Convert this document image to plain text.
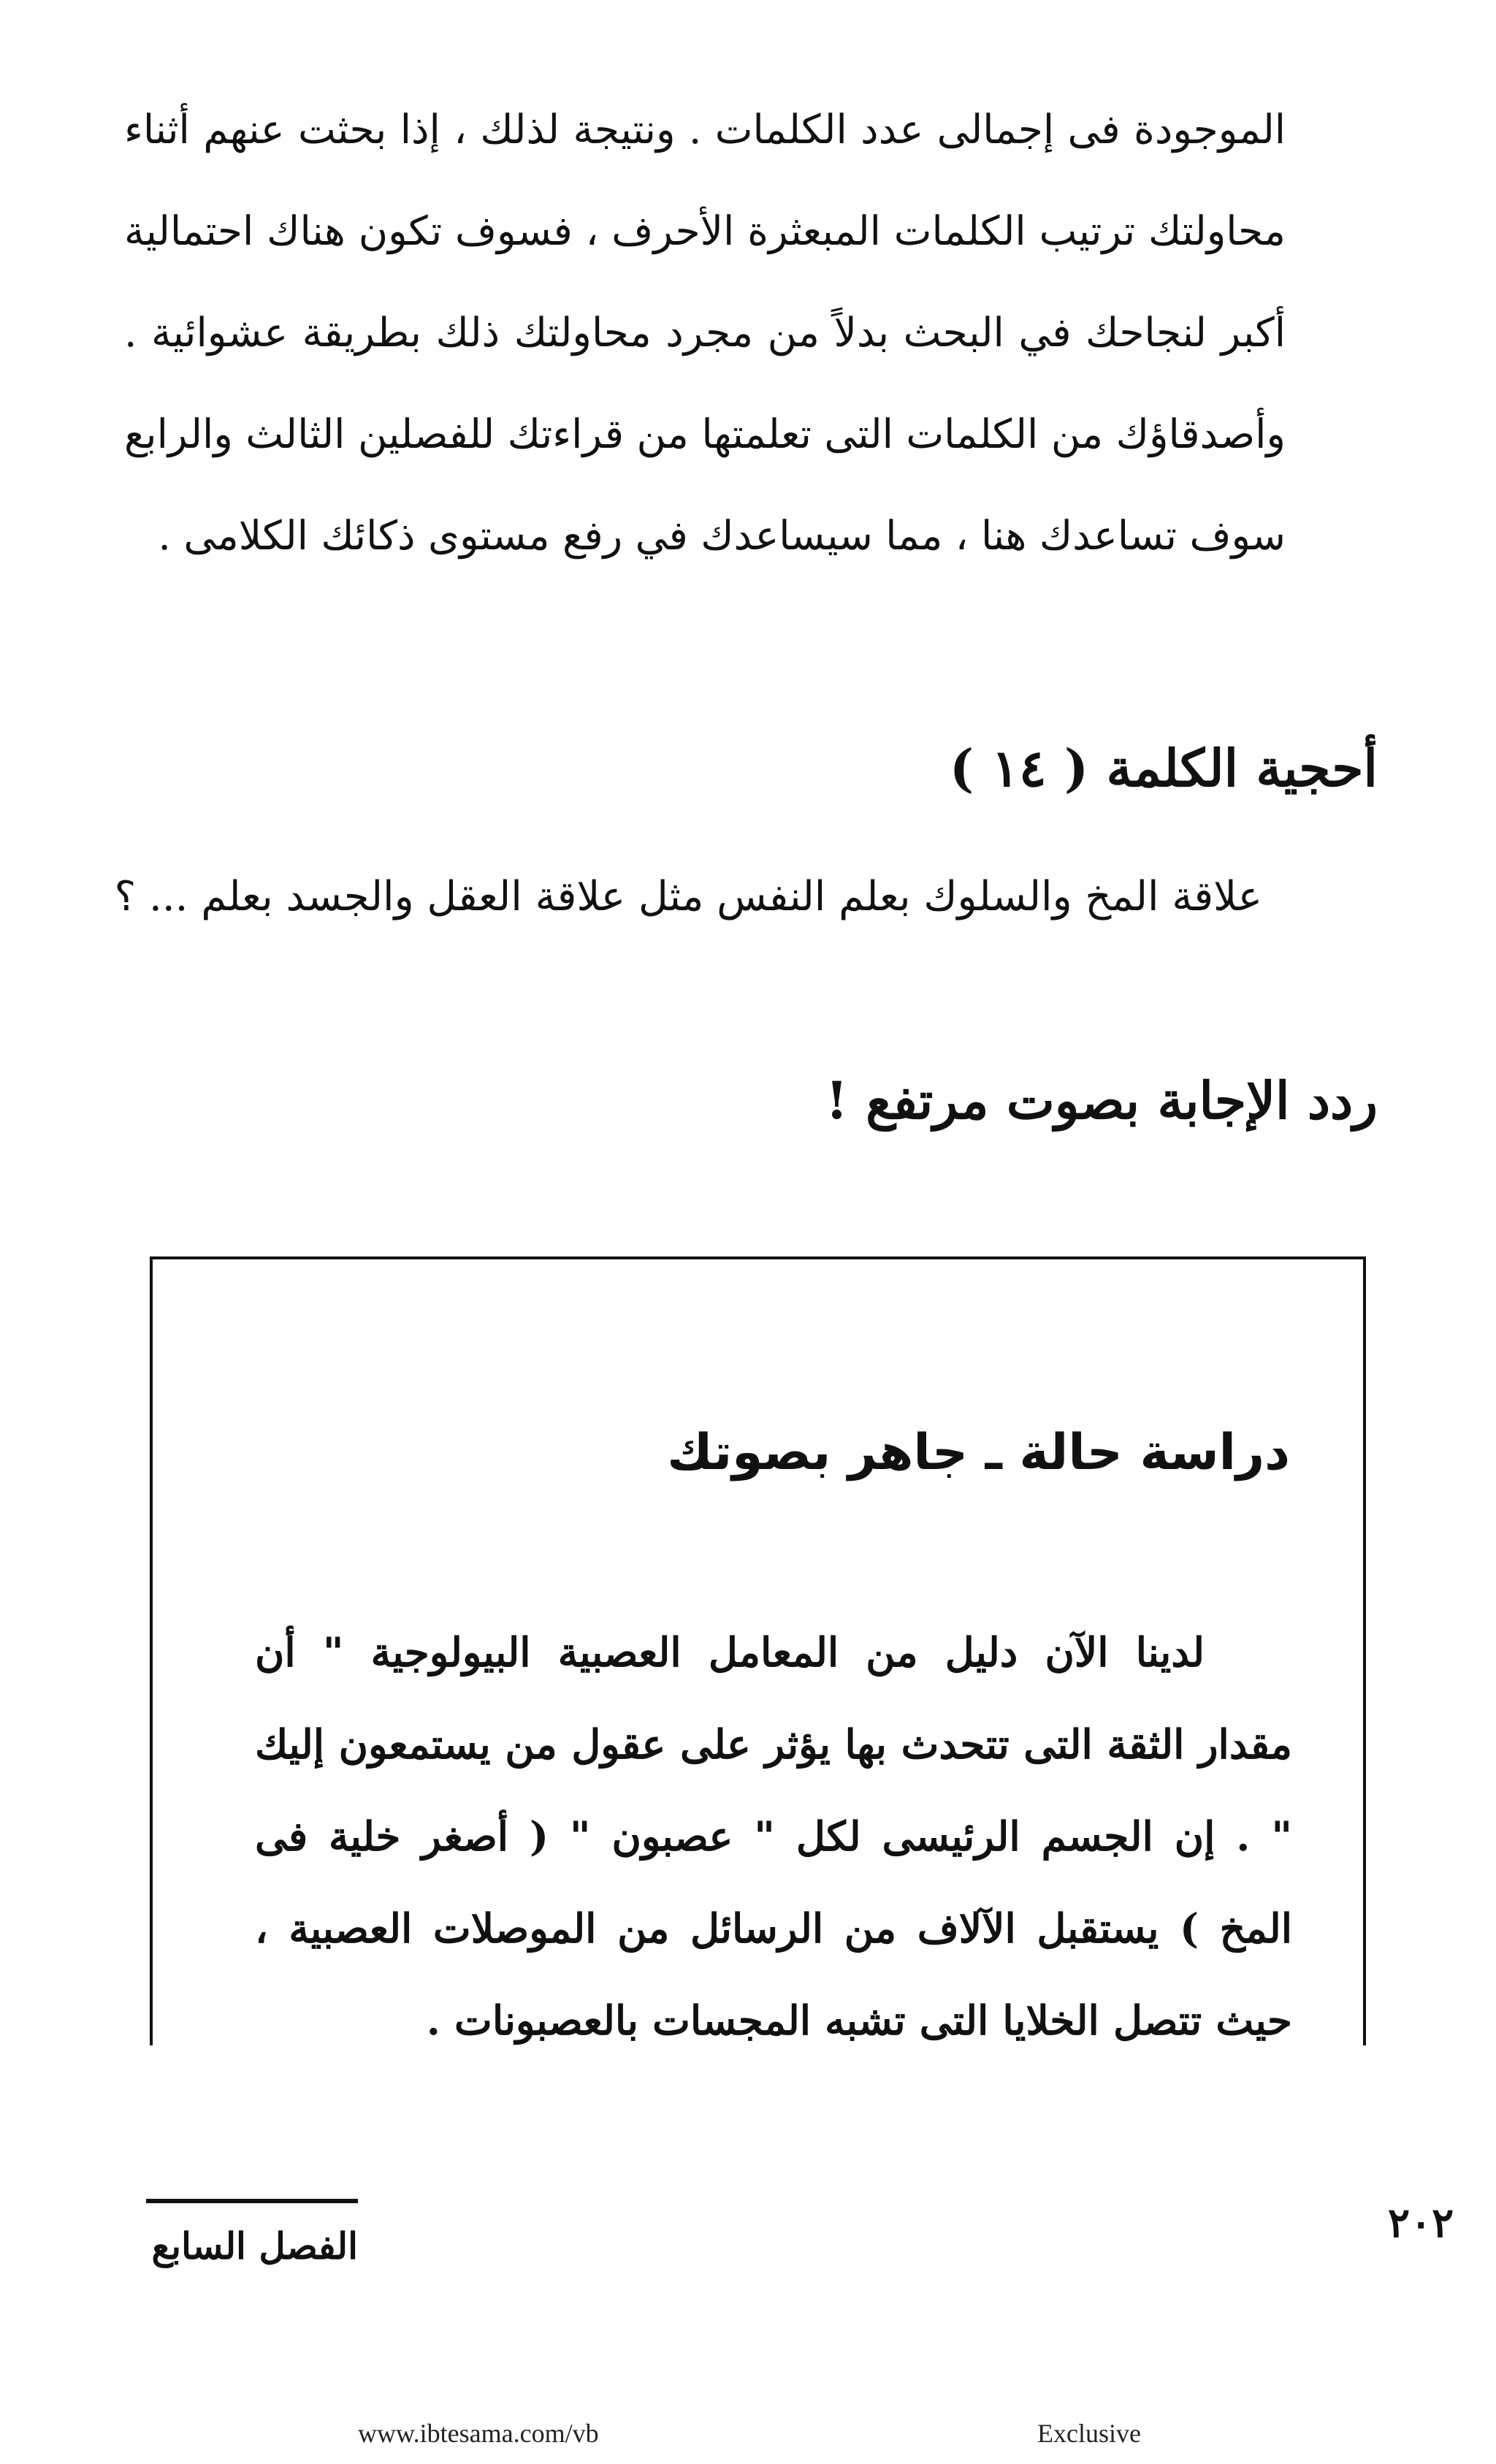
الموجودة فى إجمالى عدد الكلمات . ونتيجة لذلك ، إذا بحثت عنهم أثناء محاولتك ترتيب الكلمات المبعثرة الأحرف ، فسوف تكون هناك احتمالية أكبر لنجاحك في البحث بدلاً من مجرد محاولتك ذلك بطريقة عشوائية . وأصدقاؤك من الكلمات التى تعلمتها من قراءتك للفصلين الثالث والرابع سوف تساعدك هنا ، مما سيساعدك في رفع مستوى ذكائك الكلامى .
أحجية الكلمة ( ١٤ )
علاقة المخ والسلوك بعلم النفس مثل علاقة العقل والجسد بعلم ... ؟
ردد الإجابة بصوت مرتفع !
دراسة حالة ـ جاهر بصوتك
لدينا الآن دليل من المعامل العصبية البيولوجية " أن مقدار الثقة التى تتحدث بها يؤثر على عقول من يستمعون إليك " . إن الجسم الرئيسى لكل " عصبون " ( أصغر خلية فى المخ ) يستقبل الآلاف من الرسائل من الموصلات العصبية ، حيث تتصل الخلايا التى تشبه المجسات بالعصبونات .
الفصل السابع	٢٠٢
www.ibtesama.com/vb	Exclusive
